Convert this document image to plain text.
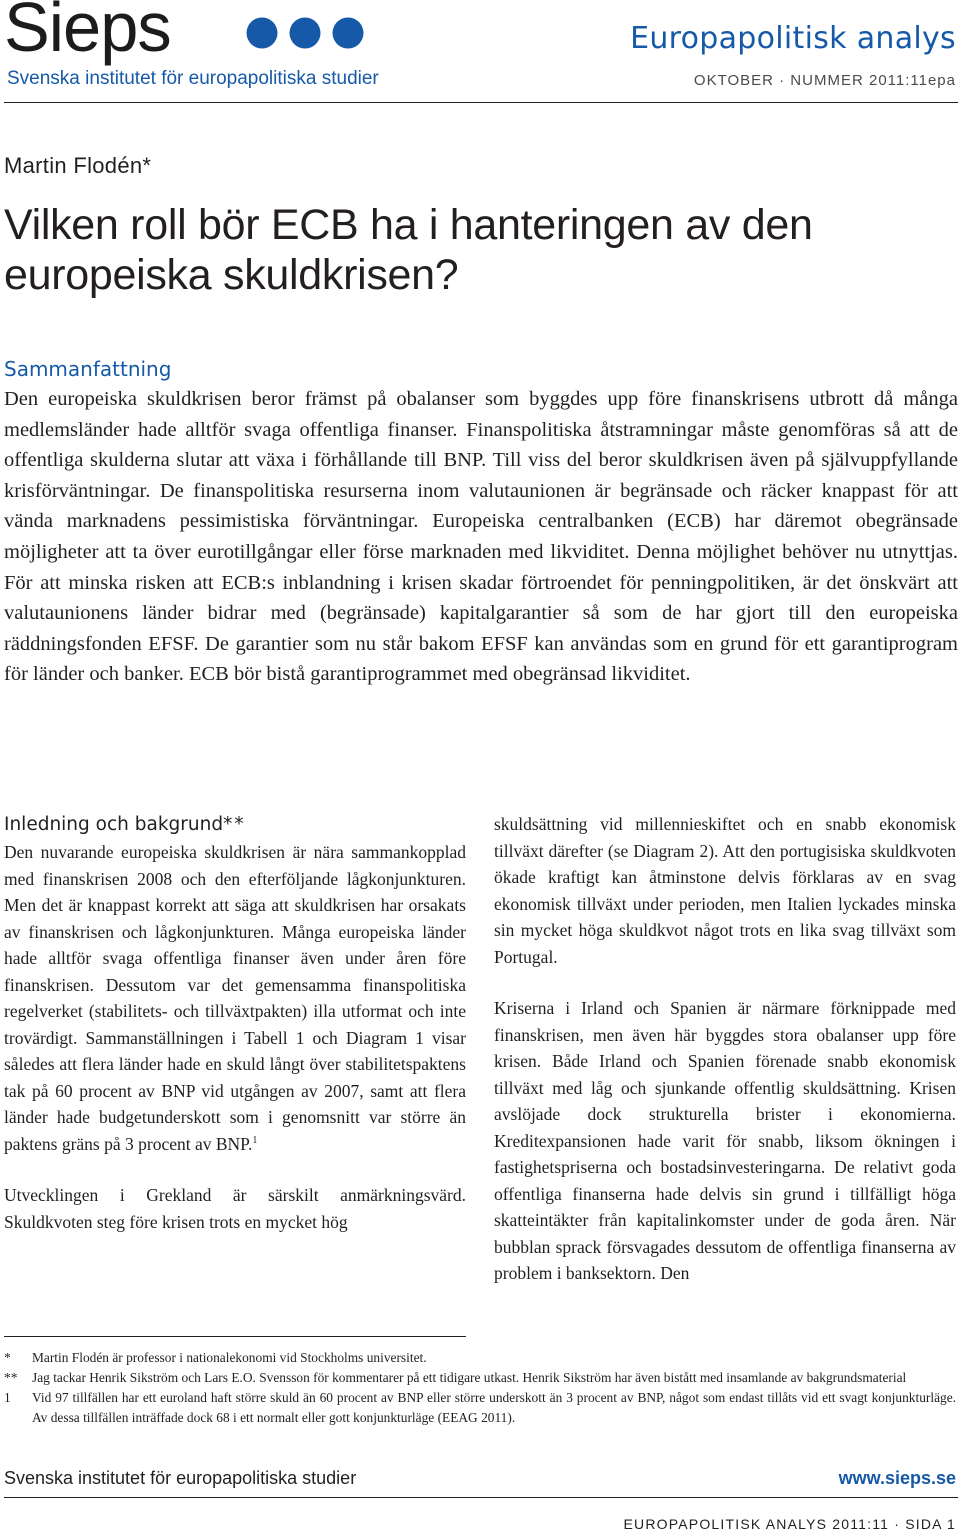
Sieps
Svenska institutet för europapolitiska studier
Europapolitisk analys
OKTOBER · NUMMER 2011:11epa
Martin Flodén*
Vilken roll bör ECB ha i hanteringen av den europeiska skuldkrisen?
Sammanfattning

Den europeiska skuldkrisen beror främst på obalanser som byggdes upp före finanskrisens utbrott då många medlemsländer hade alltför svaga offentliga finanser. Finanspolitiska åtstramningar måste genomföras så att de offentliga skulderna slutar att växa i förhållande till BNP. Till viss del beror skuldkrisen även på självuppfyllande krisförväntningar. De finanspolitiska resurserna inom valutaunionen är begränsade och räcker knappast för att vända marknadens pessimistiska förväntningar. Europeiska centralbanken (ECB) har däremot obegränsade möjligheter att ta över eurotillgångar eller förse marknaden med likviditet. Denna möjlighet behöver nu utnyttjas. För att minska risken att ECB:s inblandning i krisen skadar förtroendet för penningpolitiken, är det önskvärt att valutaunionens länder bidrar med (begränsade) kapitalgarantier så som de har gjort till den europeiska räddningsfonden EFSF. De garantier som nu står bakom EFSF kan användas som en grund för ett garantiprogram för länder och banker. ECB bör bistå garantiprogrammet med obegränsad likviditet.

Inledning och bakgrund**

Den nuvarande europeiska skuldkrisen är nära sammankopplad med finanskrisen 2008 och den efterföljande lågkonjunkturen. Men det är knappast korrekt att säga att skuldkrisen har orsakats av finanskrisen och lågkonjunkturen. Många europeiska länder hade alltför svaga offentliga finanser även under åren före finanskrisen. Dessutom var det gemensamma finanspolitiska regelverket (stabilitets- och tillväxtpakten) illa utformat och inte trovärdigt. Sammanställningen i Tabell 1 och Diagram 1 visar således att flera länder hade en skuld långt över stabilitetspaktens tak på 60 procent av BNP vid utgången av 2007, samt att flera länder hade budgetunderskott som i genomsnitt var större än paktens gräns på 3 procent av BNP.$^1$

Utvecklingen i Grekland är särskilt anmärkningsvärd. Skuldkvoten steg före krisen trots en mycket hög

skuldsättning vid millennieskiftet och en snabb ekonomisk tillväxt därefter (se Diagram 2). Att den portugisiska skuldkvoten ökade kraftigt kan åtminstone delvis förklaras av en svag ekonomisk tillväxt under perioden, men Italien lyckades minska sin mycket höga skuldkvot något trots en lika svag tillväxt som Portugal.

Kriserna i Irland och Spanien är närmare förknippade med finanskrisen, men även här byggdes stora obalanser upp före krisen. Både Irland och Spanien förenade snabb ekonomisk tillväxt med låg och sjunkande offentlig skuldsättning. Krisen avslöjade dock strukturella brister i ekonomierna. Kreditexpansionen hade varit för snabb, liksom ökningen i fastighetspriserna och bostadsinvesteringarna. De relativt goda offentliga finanserna hade delvis sin grund i tillfälligt höga skatteintäkter från kapitalinkomster under de goda åren. När bubblan sprack försvagades dessutom de offentliga finanserna av problem i banksektorn. Den

*	Martin Flodén är professor i nationalekonomi vid Stockholms universitet.
**	Jag tackar Henrik Sikström och Lars E.O. Svensson för kommentarer på ett tidigare utkast. Henrik Sikström har även bistått med insamlande av bakgrundsmaterial
1	Vid 97 tillfällen har ett euroland haft större skuld än 60 procent av BNP eller större underskott än 3 procent av BNP, något som endast tillåts vid ett svagt konjunkturläge. Av dessa tillfällen inträffade dock 68 i ett normalt eller gott konjunkturläge (EEAG 2011).
Svenska institutet för europapolitiska studier	www.sieps.se
EUROPAPOLITISK ANALYS 2011:11 · SIDA 1
